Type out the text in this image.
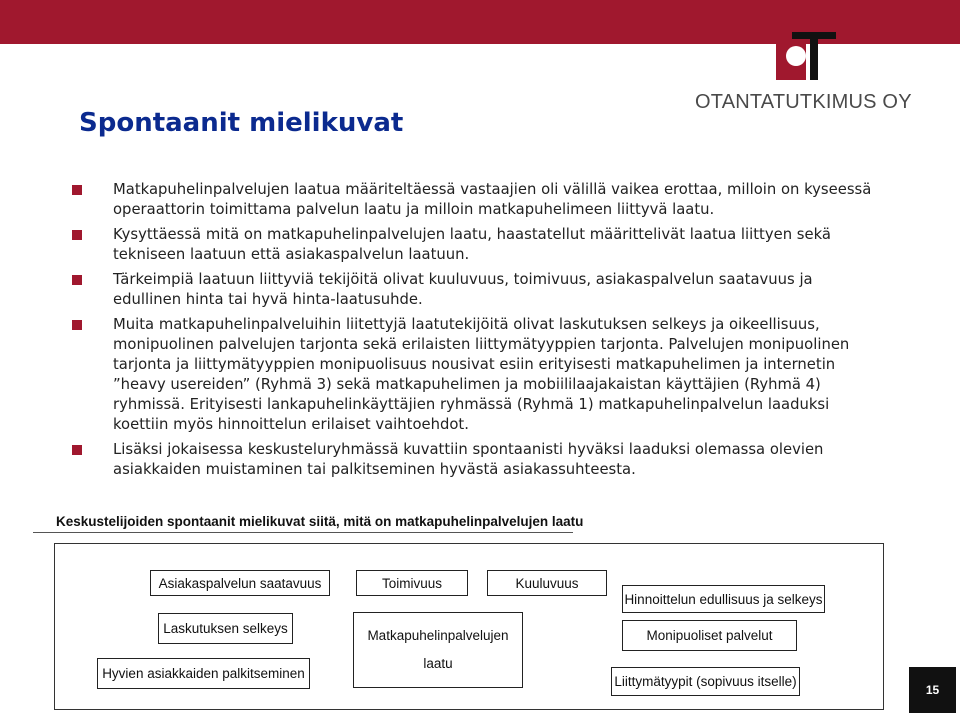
OTANTATUTKIMUS OY
Spontaanit mielikuvat
Matkapuhelinpalvelujen laatua määriteltäessä vastaajien oli välillä vaikea erottaa, milloin on kyseessä operaattorin toimittama palvelun laatu ja milloin matkapuhelimeen liittyvä laatu.
Kysyttäessä mitä on matkapuhelinpalvelujen laatu, haastatellut määrittelivät laatua liittyen sekä tekniseen laatuun että asiakaspalvelun laatuun.
Tärkeimpiä laatuun liittyviä tekijöitä olivat kuuluvuus, toimivuus, asiakaspalvelun saatavuus ja edullinen hinta tai hyvä hinta-laatusuhde.
Muita matkapuhelinpalveluihin liitettyjä laatutekijöitä olivat laskutuksen selkeys ja oikeellisuus, monipuolinen palvelujen tarjonta sekä erilaisten liittymätyyppien tarjonta. Palvelujen monipuolinen tarjonta ja liittymätyyppien monipuolisuus nousivat esiin erityisesti matkapuhelimen ja internetin ”heavy usereiden” (Ryhmä 3) sekä matkapuhelimen ja mobiililaajakaistan käyttäjien (Ryhmä 4) ryhmissä. Erityisesti lankapuhelinkäyttäjien ryhmässä (Ryhmä 1) matkapuhelinpalvelun laaduksi koettiin myös hinnoittelun erilaiset vaihtoehdot.
Lisäksi jokaisessa keskusteluryhmässä kuvattiin spontaanisti hyväksi laaduksi olemassa olevien asiakkaiden muistaminen tai palkitseminen hyvästä asiakassuhteesta.
Keskustelijoiden spontaanit mielikuvat siitä, mitä on matkapuhelinpalvelujen laatu
Asiakaspalvelun saatavuus	Toimivuus	Kuuluvuus
Hinnoittelun edullisuus ja selkeys
Laskutuksen selkeys	Monipuoliset palvelut
Hyvien asiakkaiden palkitseminen
Liittymätyypit (sopivuus itselle)
Matkapuhelinpalvelujen
laatu
15
